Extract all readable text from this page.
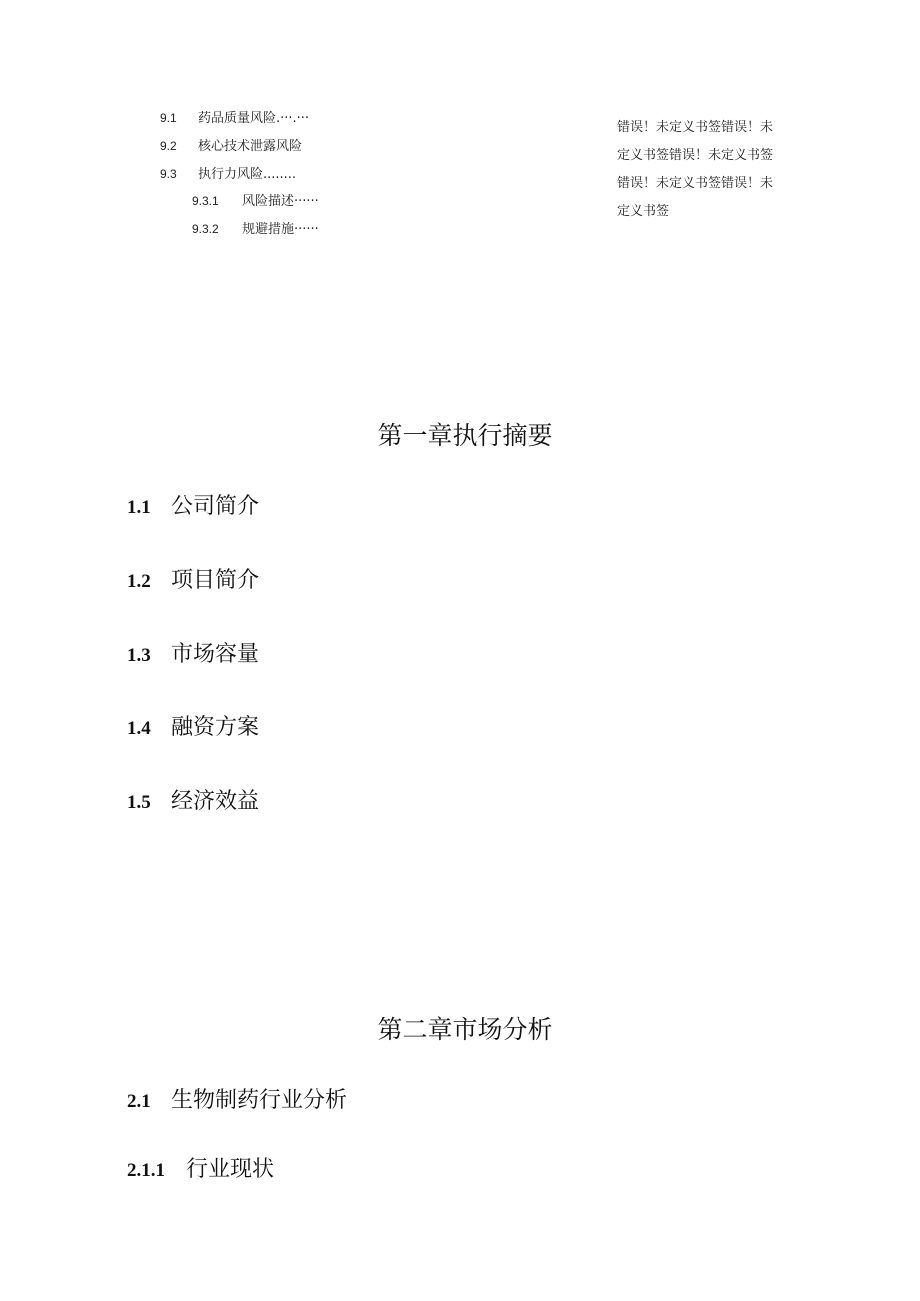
9.1 药品质量风险.···.···
9.2 核心技术泄露风险
9.3 执行力风险........
9.3.1 风险描述······
9.3.2 规避措施······
错误！未定义书签错误！未定义书签错误！未定义书签错误！未定义书签错误！未定义书签
第一章执行摘要
1.1 公司简介
1.2 项目简介
1.3 市场容量
1.4 融资方案
1.5 经济效益
第二章市场分析
2.1 生物制药行业分析
2.1.1 行业现状
